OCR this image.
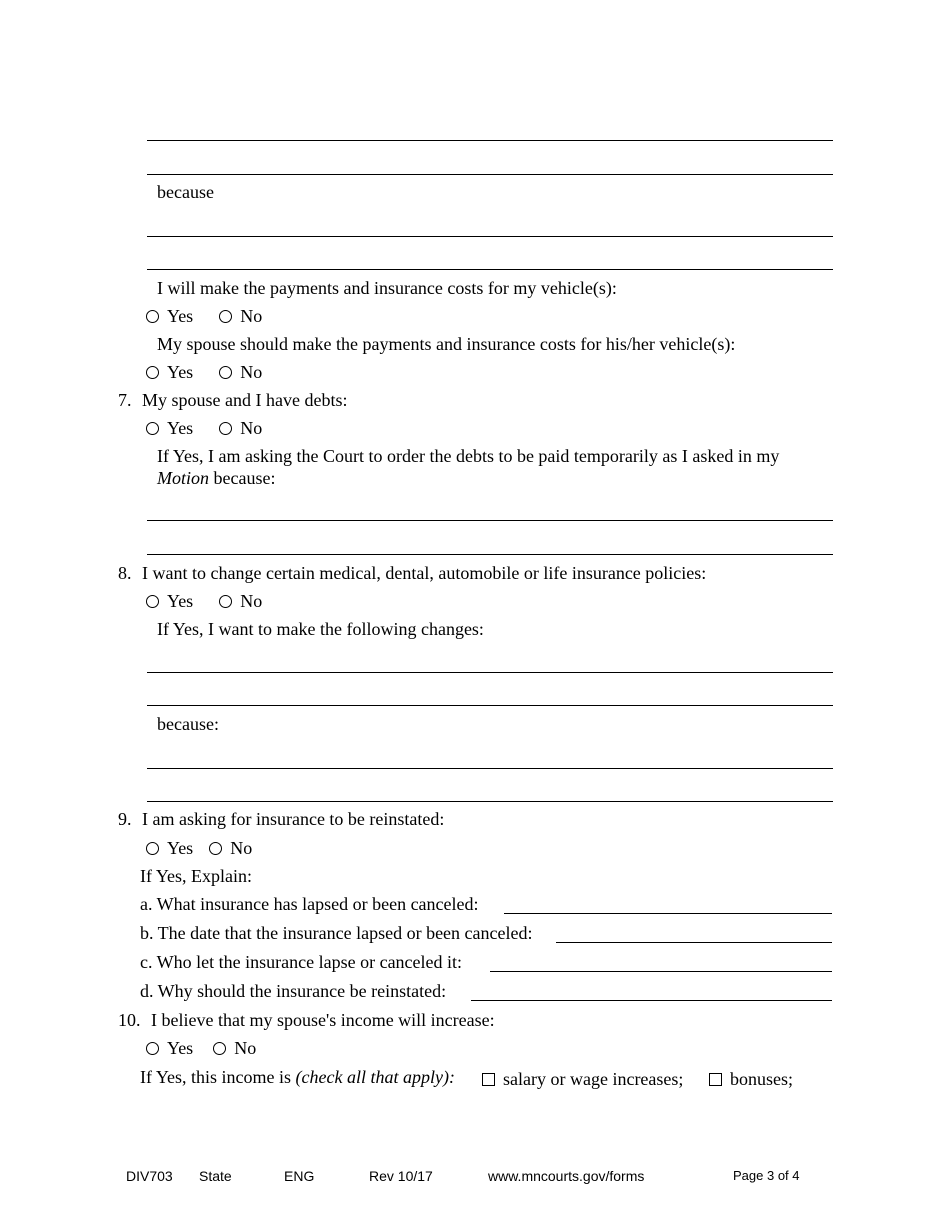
because
I will make the payments and insurance costs for my vehicle(s):
Yes	No
My spouse should make the payments and insurance costs for his/her vehicle(s):
Yes	No
7. My spouse and I have debts:
Yes	No
If Yes, I am asking the Court to order the debts to be paid temporarily as I asked in my
Motion because:
8. I want to change certain medical, dental, automobile or life insurance policies:
Yes	No
If Yes, I want to make the following changes:
because:
9. I am asking for insurance to be reinstated:
Yes No
If Yes, Explain:
a. What insurance has lapsed or been canceled:
b. The date that the insurance lapsed or been canceled:
c. Who let the insurance lapse or canceled it:
d. Why should the insurance be reinstated:
10. I believe that my spouse's income will increase:
Yes No
If Yes, this income is (check all that apply):	salary or wage increases;	bonuses;
DIV703 State	ENG	Rev 10/17	www.mncourts.gov/forms	Page 3 of 4
